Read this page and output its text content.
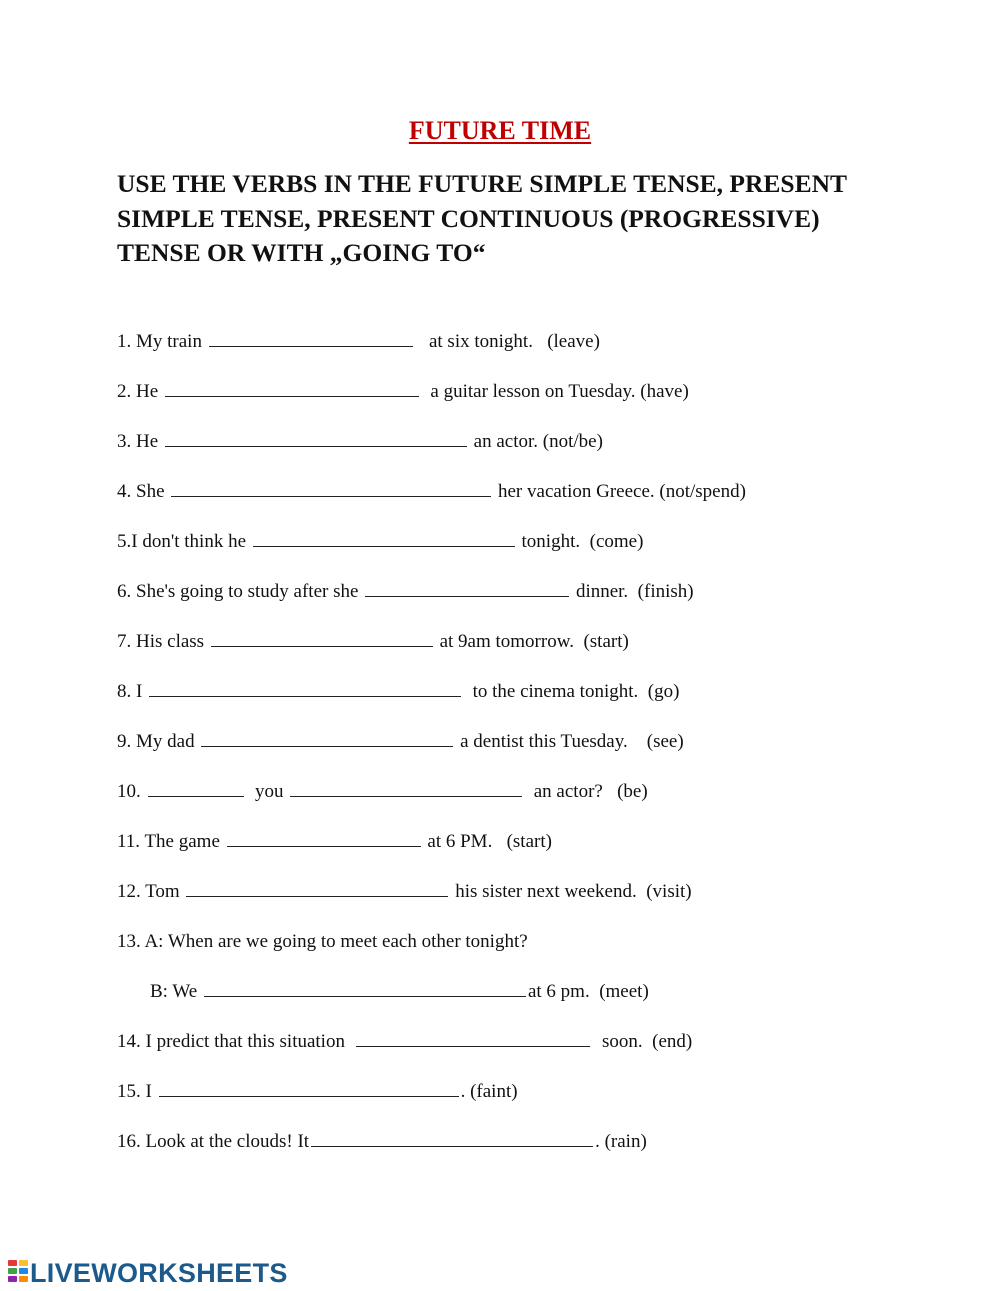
FUTURE TIME
USE THE VERBS IN THE FUTURE SIMPLE TENSE, PRESENT SIMPLE TENSE, PRESENT CONTINUOUS (PROGRESSIVE) TENSE OR WITH „GOING TO“
1. My train	at six tonight.   (leave)
2. He	a guitar lesson on Tuesday. (have)
3. He	an actor. (not/be)
4. She	her vacation Greece. (not/spend)
5.I don't think he	tonight.  (come)
6. She's going to study after she	dinner.  (finish)
7. His class	at 9am tomorrow.  (start)
8. I	to the cinema tonight.  (go)
9. My dad	a dentist this Tuesday.    (see)
10.	you	an actor?   (be)
11. The game	at 6 PM.   (start)
12. Tom	his sister next weekend.  (visit)
13. A: When are we going to meet each other tonight?
B: We	at 6 pm.  (meet)
14. I predict that this situation	soon.  (end)
15. I	. (faint)
16. Look at the clouds! It	. (rain)
LIVEWORKSHEETS
